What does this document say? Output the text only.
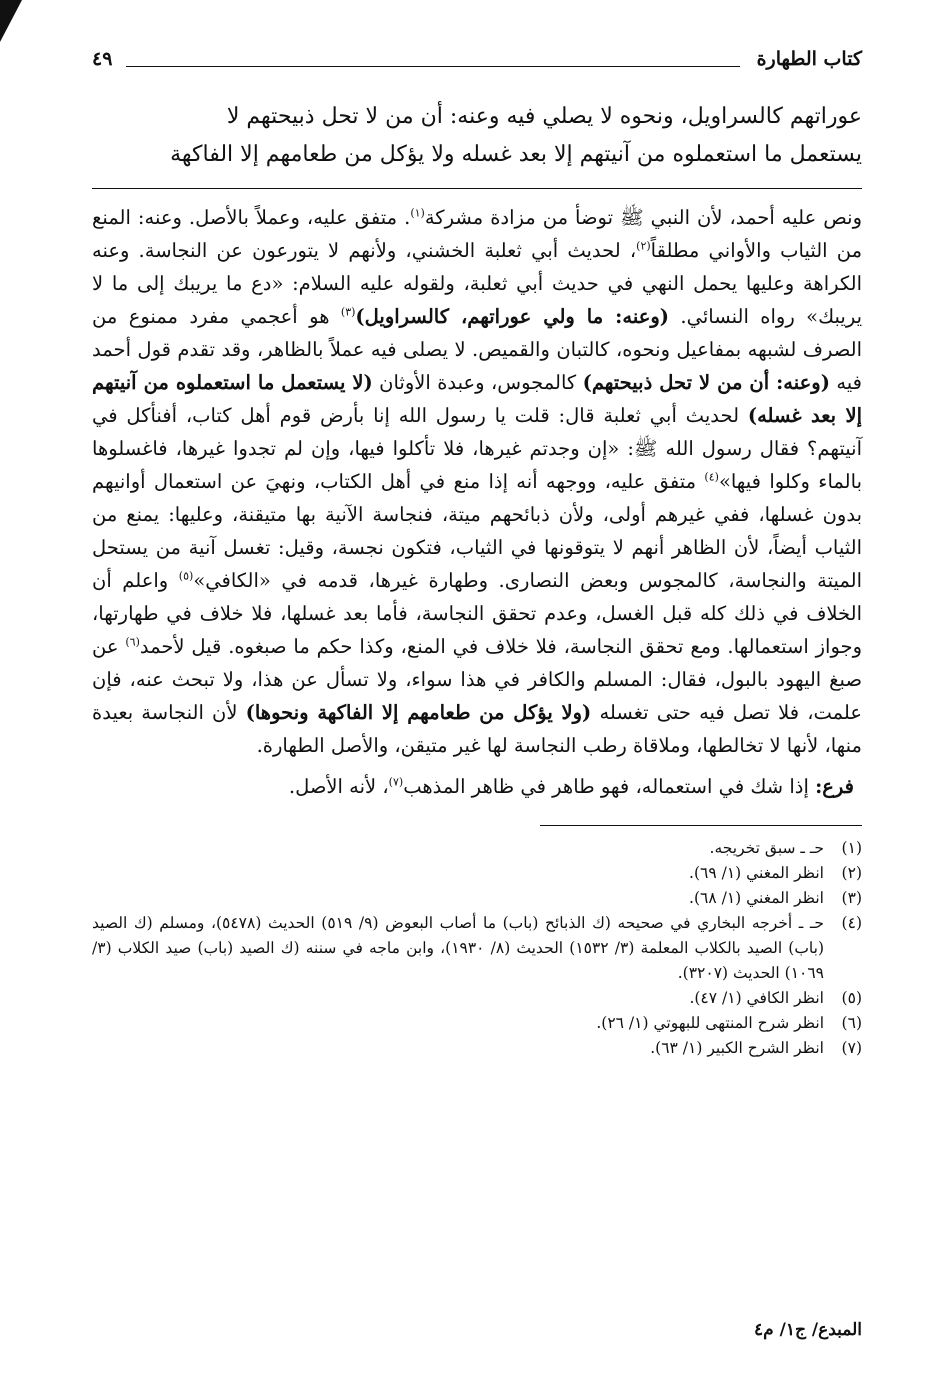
كتاب الطهارة
٤٩

عوراتهم كالسراويل، ونحوه لا يصلي فيه وعنه: أن من لا تحل ذبيحتهم لا

يستعمل ما استعملوه من آنيتهم إلا بعد غسله ولا يؤكل من طعامهم إلا الفاكهة

ونص عليه أحمد، لأن النبي ﷺ توضأ من مزادة مشركة$^{(١)}$. متفق عليه، وعملاً بالأصل. وعنه: المنع من الثياب والأواني مطلقاً$^{(٢)}$، لحديث أبي ثعلبة الخشني، ولأنهم لا يتورعون عن النجاسة. وعنه الكراهة وعليها يحمل النهي في حديث أبي ثعلبة، ولقوله عليه السلام: «دع ما يريبك إلى ما لا يريبك» رواه النسائي. (وعنه: ما ولي عوراتهم، كالسراويل)$^{(٣)}$ هو أعجمي مفرد ممنوع من الصرف لشبهه بمفاعيل ونحوه، كالتبان والقميص. لا يصلى فيه عملاً بالظاهر، وقد تقدم قول أحمد فيه (وعنه: أن من لا تحل ذبيحتهم) كالمجوس، وعبدة الأوثان (لا يستعمل ما استعملوه من آنيتهم إلا بعد غسله) لحديث أبي ثعلبة قال: قلت يا رسول الله إنا بأرض قوم أهل كتاب، أفنأكل في آنيتهم؟ فقال رسول الله ﷺ: «إن وجدتم غيرها، فلا تأكلوا فيها، وإن لم تجدوا غيرها، فاغسلوها بالماء وكلوا فيها»$^{(٤)}$ متفق عليه، ووجهه أنه إذا منع في أهل الكتاب، ونهيَ عن استعمال أوانيهم بدون غسلها، ففي غيرهم أولى، ولأن ذبائحهم ميتة، فنجاسة الآنية بها متيقنة، وعليها: يمنع من الثياب أيضاً، لأن الظاهر أنهم لا يتوقونها في الثياب، فتكون نجسة، وقيل: تغسل آنية من يستحل الميتة والنجاسة، كالمجوس وبعض النصارى. وطهارة غيرها، قدمه في «الكافي»$^{(٥)}$ واعلم أن الخلاف في ذلك كله قبل الغسل، وعدم تحقق النجاسة، فأما بعد غسلها، فلا خلاف في طهارتها، وجواز استعمالها. ومع تحقق النجاسة، فلا خلاف في المنع، وكذا حكم ما صبغوه. قيل لأحمد$^{(٦)}$ عن صبغ اليهود بالبول، فقال: المسلم والكافر في هذا سواء، ولا تسأل عن هذا، ولا تبحث عنه، فإن علمت، فلا تصل فيه حتى تغسله (ولا يؤكل من طعامهم إلا الفاكهة ونحوها) لأن النجاسة بعيدة منها، لأنها لا تخالطها، وملاقاة رطب النجاسة لها غير متيقن، والأصل الطهارة.

فرع: إذا شك في استعماله، فهو طاهر في ظاهر المذهب$^{(٧)}$، لأنه الأصل.

(١)
حـ ـ سبق تخريجه.
(٢)
انظر المغني (١/ ٦٩).
(٣)
انظر المغني (١/ ٦٨).
(٤)
حـ ـ أخرجه البخاري في صحيحه (ك الذبائح (باب) ما أصاب البعوض (٩/ ٥١٩) الحديث (٥٤٧٨)، ومسلم (ك الصيد (باب) الصيد بالكلاب المعلمة (٣/ ١٥٣٢) الحديث (٨/ ١٩٣٠)، وابن ماجه في سننه (ك الصيد (باب) صيد الكلاب (٣/ ١٠٦٩) الحديث (٣٢٠٧).
(٥)
انظر الكافي (١/ ٤٧).
(٦)
انظر شرح المنتهى للبهوتي (١/ ٢٦).
(٧)
انظر الشرح الكبير (١/ ٦٣).
المبدع/ ج١/ م٤
